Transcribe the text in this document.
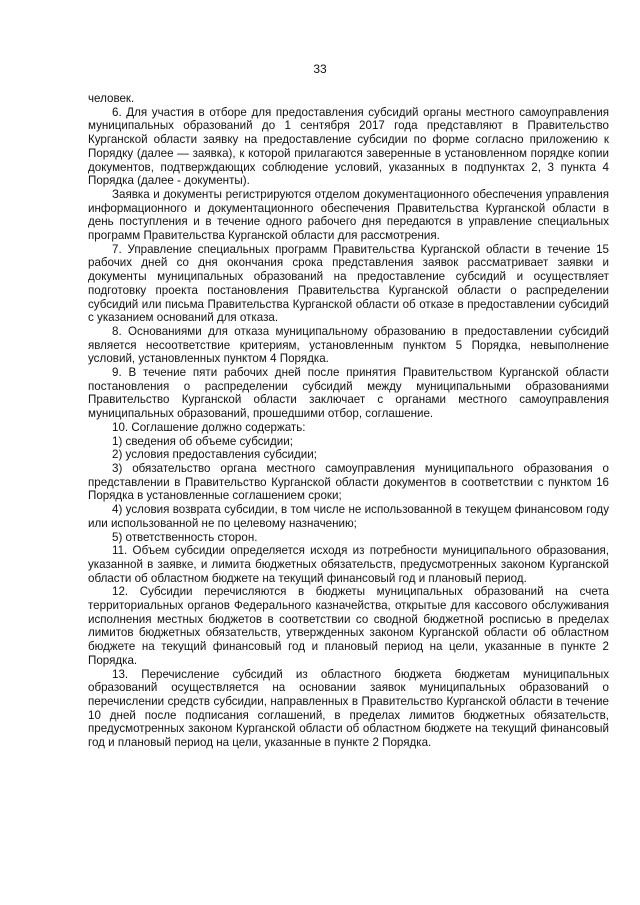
33

человек.

6. Для участия в отборе для предоставления субсидий органы местного самоуправления муниципальных образований до 1 сентября 2017 года представляют в Правительство Курганской области заявку на предоставление субсидии по форме согласно приложению к Порядку (далее — заявка), к которой прилагаются заверенные в установленном порядке копии документов, подтверждающих соблюдение условий, указанных в подпунктах 2, 3 пункта 4 Порядка (далее - документы).

Заявка и документы регистрируются отделом документационного обеспечения управления информационного и документационного обеспечения Правительства Курганской области в день поступления и в течение одного рабочего дня передаются в управление специальных программ Правительства Курганской области для рассмотрения.

7. Управление специальных программ Правительства Курганской области в течение 15 рабочих дней со дня окончания срока представления заявок рассматривает заявки и документы муниципальных образований на предоставление субсидий и осуществляет подготовку проекта постановления Правительства Курганской области о распределении субсидий или письма Правительства Курганской области об отказе в предоставлении субсидий с указанием оснований для отказа.

8. Основаниями для отказа муниципальному образованию в предоставлении субсидий является несоответствие критериям, установленным пунктом 5 Порядка, невыполнение условий, установленных пунктом 4 Порядка.

9. В течение пяти рабочих дней после принятия Правительством Курганской области постановления о распределении субсидий между муниципальными образованиями Правительство Курганской области заключает с органами местного самоуправления муниципальных образований, прошедшими отбор, соглашение.

10. Соглашение должно содержать:

1) сведения об объеме субсидии;

2) условия предоставления субсидии;

3) обязательство органа местного самоуправления муниципального образования о представлении в Правительство Курганской области документов в соответствии с пунктом 16 Порядка в установленные соглашением сроки;

4) условия возврата субсидии, в том числе не использованной в текущем финансовом году или использованной не по целевому назначению;

5) ответственность сторон.

11. Объем субсидии определяется исходя из потребности муниципального образования, указанной в заявке, и лимита бюджетных обязательств, предусмотренных законом Курганской области об областном бюджете на текущий финансовый год и плановый период.

12. Субсидии перечисляются в бюджеты муниципальных образований на счета территориальных органов Федерального казначейства, открытые для кассового обслуживания исполнения местных бюджетов в соответствии со сводной бюджетной росписью в пределах лимитов бюджетных обязательств, утвержденных законом Курганской области об областном бюджете на текущий финансовый год и плановый период на цели, указанные в пункте 2 Порядка.

13. Перечисление субсидий из областного бюджета бюджетам муниципальных образований осуществляется на основании заявок муниципальных образований о перечислении средств субсидии, направленных в Правительство Курганской области в течение 10 дней после подписания соглашений, в пределах лимитов бюджетных обязательств, предусмотренных законом Курганской области об областном бюджете на текущий финансовый год и плановый период на цели, указанные в пункте 2 Порядка.
